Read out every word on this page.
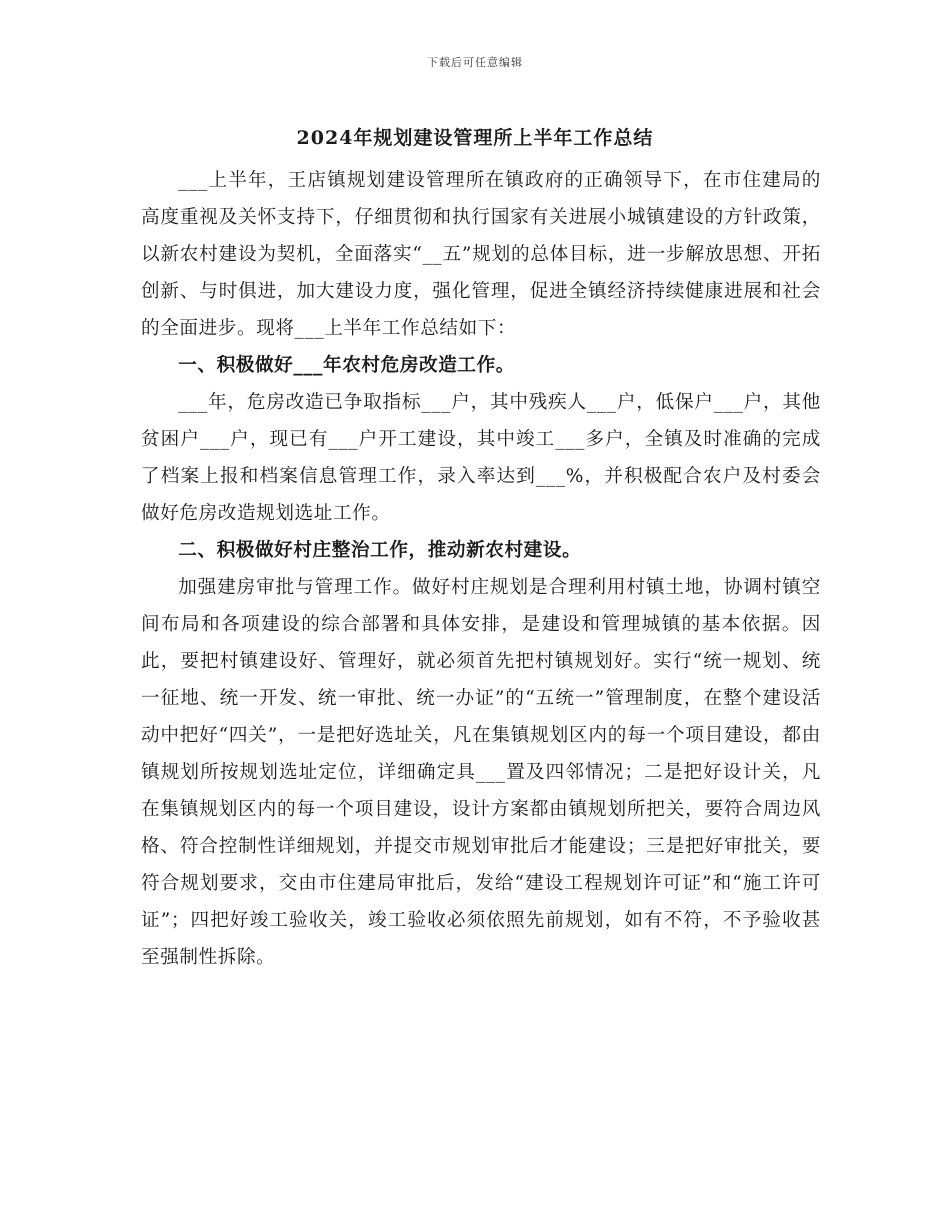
下载后可任意编辑
2024年规划建设管理所上半年工作总结

___上半年，王店镇规划建设管理所在镇政府的正确领导下，在市住建局的高度重视及关怀支持下，仔细贯彻和执行国家有关进展小城镇建设的方针政策，以新农村建设为契机，全面落实“__五”规划的总体目标，进一步解放思想、开拓创新、与时俱进，加大建设力度，强化管理，促进全镇经济持续健康进展和社会的全面进步。现将___上半年工作总结如下：

一、积极做好___年农村危房改造工作。

___年，危房改造已争取指标___户，其中残疾人___户，低保户___户，其他贫困户___户，现已有___户开工建设，其中竣工___多户，全镇及时准确的完成了档案上报和档案信息管理工作，录入率达到___%，并积极配合农户及村委会做好危房改造规划选址工作。

二、积极做好村庄整治工作，推动新农村建设。

加强建房审批与管理工作。做好村庄规划是合理利用村镇土地，协调村镇空间布局和各项建设的综合部署和具体安排，是建设和管理城镇的基本依据。因此，要把村镇建设好、管理好，就必须首先把村镇规划好。实行“统一规划、统一征地、统一开发、统一审批、统一办证”的“五统一”管理制度，在整个建设活动中把好“四关”，一是把好选址关，凡在集镇规划区内的每一个项目建设，都由镇规划所按规划选址定位，详细确定具___置及四邻情况；二是把好设计关，凡在集镇规划区内的每一个项目建设，设计方案都由镇规划所把关，要符合周边风格、符合控制性详细规划，并提交市规划审批后才能建设；三是把好审批关，要符合规划要求，交由市住建局审批后，发给“建设工程规划许可证”和“施工许可证”；四把好竣工验收关，竣工验收必须依照先前规划，如有不符，不予验收甚至强制性拆除。
